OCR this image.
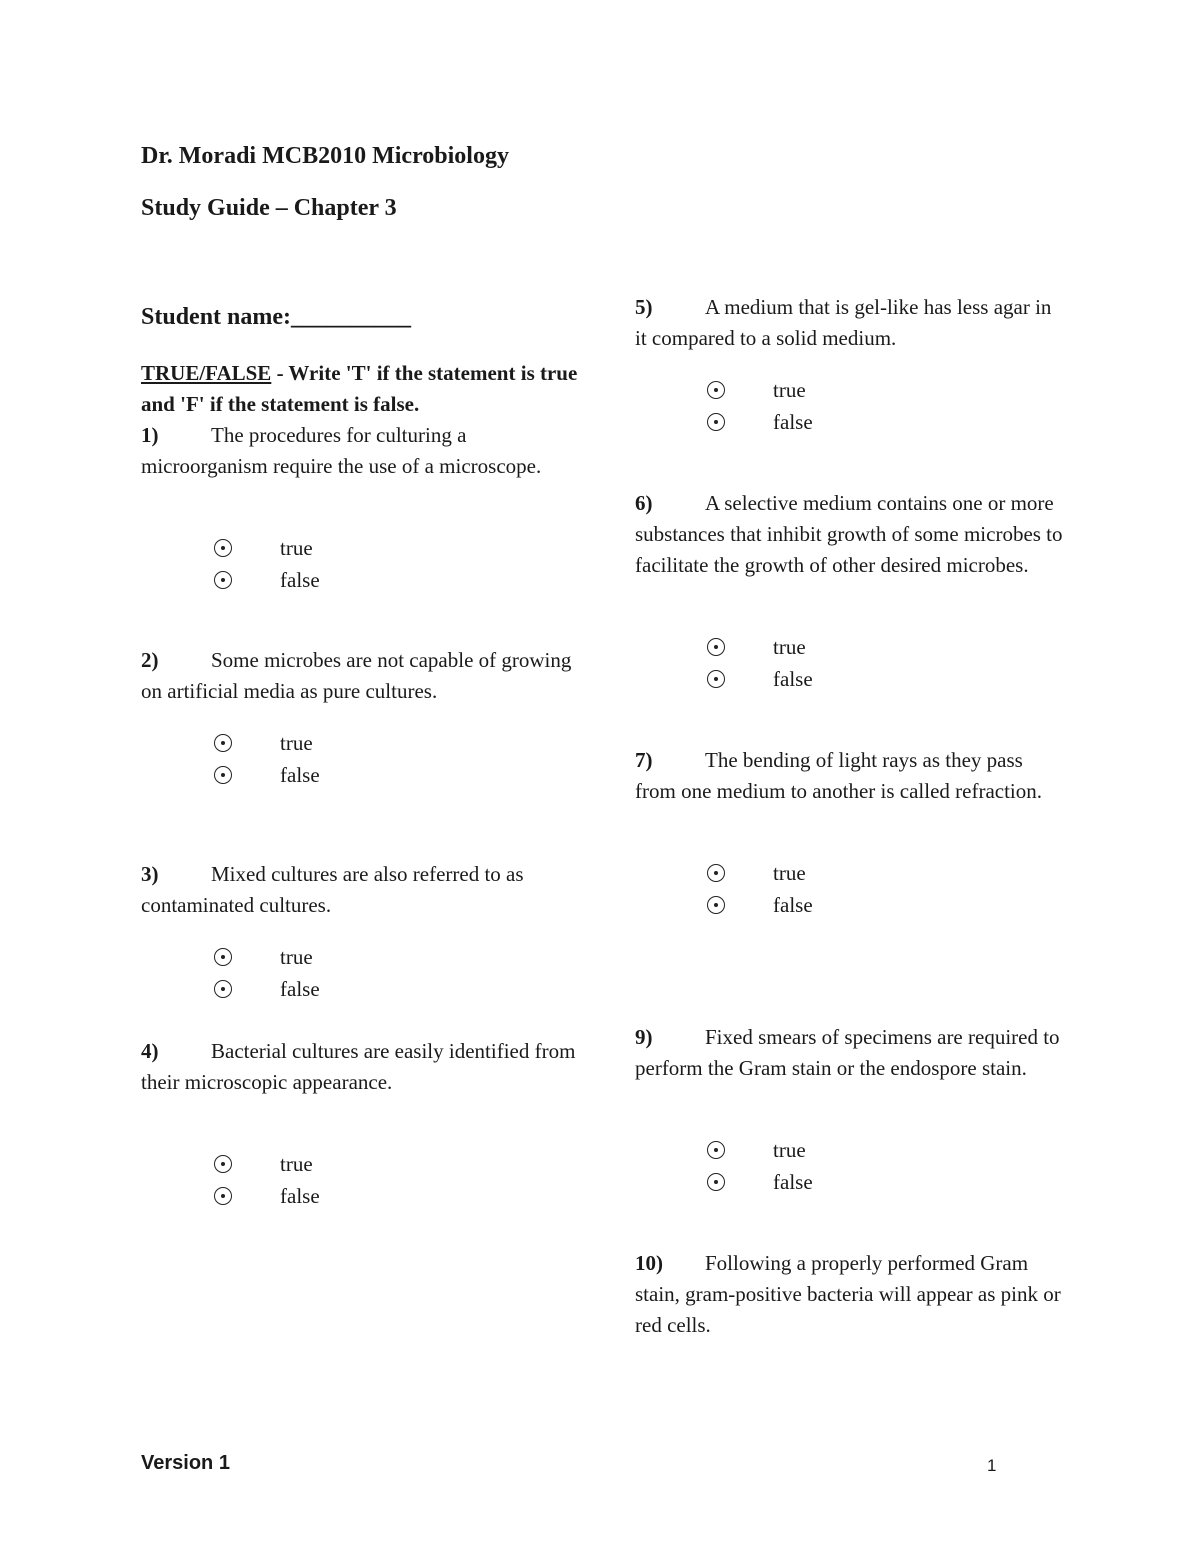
Dr. Moradi MCB2010 Microbiology
Study Guide – Chapter 3
Student name:__________
TRUE/FALSE - Write 'T' if the statement is true and 'F' if the statement is false.
1)	The procedures for culturing a microorganism require the use of a microscope.
true
false
2)	Some microbes are not capable of growing on artificial media as pure cultures.
true
false
3)	Mixed cultures are also referred to as contaminated cultures.
true
false
4)	Bacterial cultures are easily identified from their microscopic appearance.
true
false
5)	A medium that is gel-like has less agar in it compared to a solid medium.
true
false
6)	A selective medium contains one or more substances that inhibit growth of some microbes to facilitate the growth of other desired microbes.
true
false
7)	The bending of light rays as they pass from one medium to another is called refraction.
true
false
9)	Fixed smears of specimens are required to perform the Gram stain or the endospore stain.
true
false
10) Following a properly performed Gram stain, gram-positive bacteria will appear as pink or red cells.
Version 1	1
